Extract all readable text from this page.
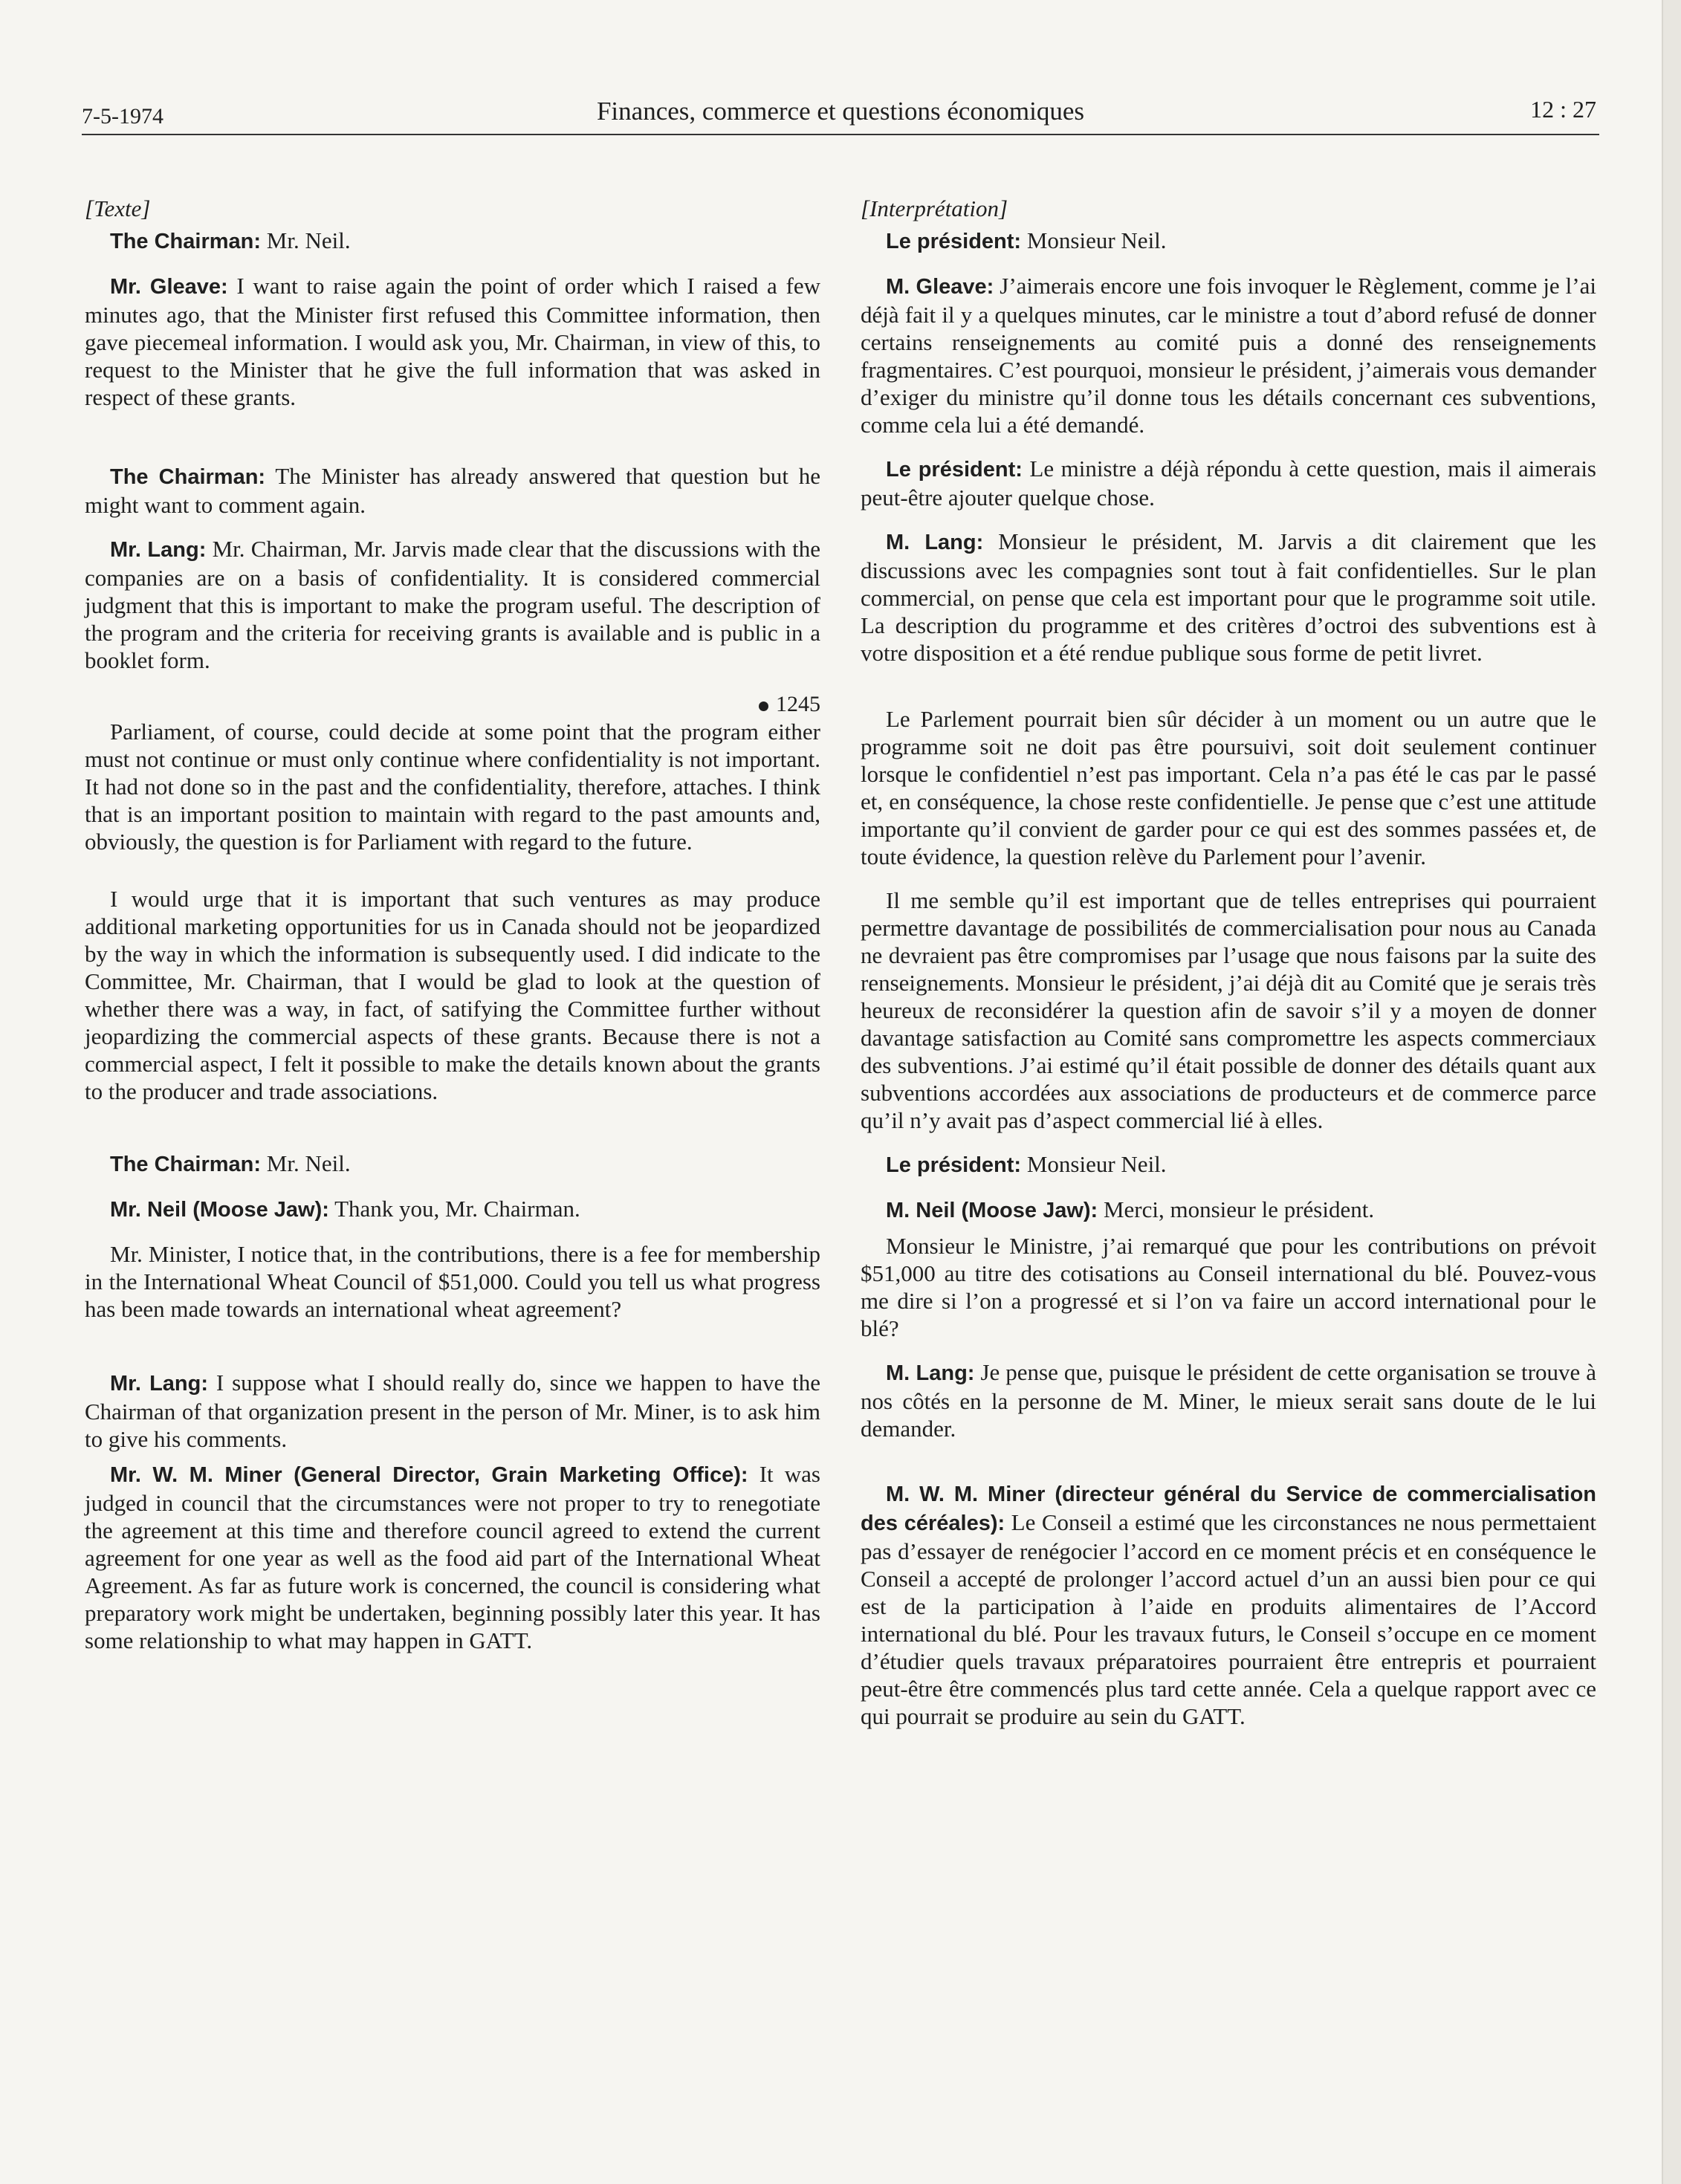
7-5-1974	Finances, commerce et questions économiques	12 : 27

[Texte]

The Chairman: Mr. Neil.

Mr. Gleave: I want to raise again the point of order which I raised a few minutes ago, that the Minister first refused this Committee information, then gave piecemeal information. I would ask you, Mr. Chairman, in view of this, to request to the Minister that he give the full information that was asked in respect of these grants.

The Chairman: The Minister has already answered that question but he might want to comment again.

Mr. Lang: Mr. Chairman, Mr. Jarvis made clear that the discussions with the companies are on a basis of confidentiality. It is considered commercial judgment that this is important to make the program useful. The description of the program and the criteria for receiving grants is available and is public in a booklet form.

1245

Parliament, of course, could decide at some point that the program either must not continue or must only continue where confidentiality is not important. It had not done so in the past and the confidentiality, therefore, attaches. I think that is an important position to maintain with regard to the past amounts and, obviously, the question is for Parliament with regard to the future.

I would urge that it is important that such ventures as may produce additional marketing opportunities for us in Canada should not be jeopardized by the way in which the information is subsequently used. I did indicate to the Committee, Mr. Chairman, that I would be glad to look at the question of whether there was a way, in fact, of satifying the Committee further without jeopardizing the commercial aspects of these grants. Because there is not a commercial aspect, I felt it possible to make the details known about the grants to the producer and trade associations.

The Chairman: Mr. Neil.

Mr. Neil (Moose Jaw): Thank you, Mr. Chairman.

Mr. Minister, I notice that, in the contributions, there is a fee for membership in the International Wheat Council of $51,000. Could you tell us what progress has been made towards an international wheat agreement?

Mr. Lang: I suppose what I should really do, since we happen to have the Chairman of that organization present in the person of Mr. Miner, is to ask him to give his comments.

Mr. W. M. Miner (General Director, Grain Marketing Office): It was judged in council that the circumstances were not proper to try to renegotiate the agreement at this time and therefore council agreed to extend the current agreement for one year as well as the food aid part of the International Wheat Agreement. As far as future work is concerned, the council is considering what preparatory work might be undertaken, beginning possibly later this year. It has some relationship to what may happen in GATT.

[Interprétation]

Le président: Monsieur Neil.

M. Gleave: J’aimerais encore une fois invoquer le Règlement, comme je l’ai déjà fait il y a quelques minutes, car le ministre a tout d’abord refusé de donner certains renseignements au comité puis a donné des renseignements fragmentaires. C’est pourquoi, monsieur le président, j’aimerais vous demander d’exiger du ministre qu’il donne tous les détails concernant ces subventions, comme cela lui a été demandé.

Le président: Le ministre a déjà répondu à cette question, mais il aimerais peut-être ajouter quelque chose.

M. Lang: Monsieur le président, M. Jarvis a dit clairement que les discussions avec les compagnies sont tout à fait confidentielles. Sur le plan commercial, on pense que cela est important pour que le programme soit utile. La description du programme et des critères d’octroi des subventions est à votre disposition et a été rendue publique sous forme de petit livret.

Le Parlement pourrait bien sûr décider à un moment ou un autre que le programme soit ne doit pas être poursuivi, soit doit seulement continuer lorsque le confidentiel n’est pas important. Cela n’a pas été le cas par le passé et, en conséquence, la chose reste confidentielle. Je pense que c’est une attitude importante qu’il convient de garder pour ce qui est des sommes passées et, de toute évidence, la question relève du Parlement pour l’avenir.

Il me semble qu’il est important que de telles entreprises qui pourraient permettre davantage de possibilités de commercialisation pour nous au Canada ne devraient pas être compromises par l’usage que nous faisons par la suite des renseignements. Monsieur le président, j’ai déjà dit au Comité que je serais très heureux de reconsidérer la question afin de savoir s’il y a moyen de donner davantage satisfaction au Comité sans compromettre les aspects commerciaux des subventions. J’ai estimé qu’il était possible de donner des détails quant aux subventions accordées aux associations de producteurs et de commerce parce qu’il n’y avait pas d’aspect commercial lié à elles.

Le président: Monsieur Neil.

M. Neil (Moose Jaw): Merci, monsieur le président.

Monsieur le Ministre, j’ai remarqué que pour les contributions on prévoit $51,000 au titre des cotisations au Conseil international du blé. Pouvez-vous me dire si l’on a progressé et si l’on va faire un accord international pour le blé?

M. Lang: Je pense que, puisque le président de cette organisation se trouve à nos côtés en la personne de M. Miner, le mieux serait sans doute de le lui demander.

M. W. M. Miner (directeur général du Service de commercialisation des céréales): Le Conseil a estimé que les circonstances ne nous permettaient pas d’essayer de renégocier l’accord en ce moment précis et en conséquence le Conseil a accepté de prolonger l’accord actuel d’un an aussi bien pour ce qui est de la participation à l’aide en produits alimentaires de l’Accord international du blé. Pour les travaux futurs, le Conseil s’occupe en ce moment d’étudier quels travaux préparatoires pourraient être entrepris et pourraient peut-être être commencés plus tard cette année. Cela a quelque rapport avec ce qui pourrait se produire au sein du GATT.
